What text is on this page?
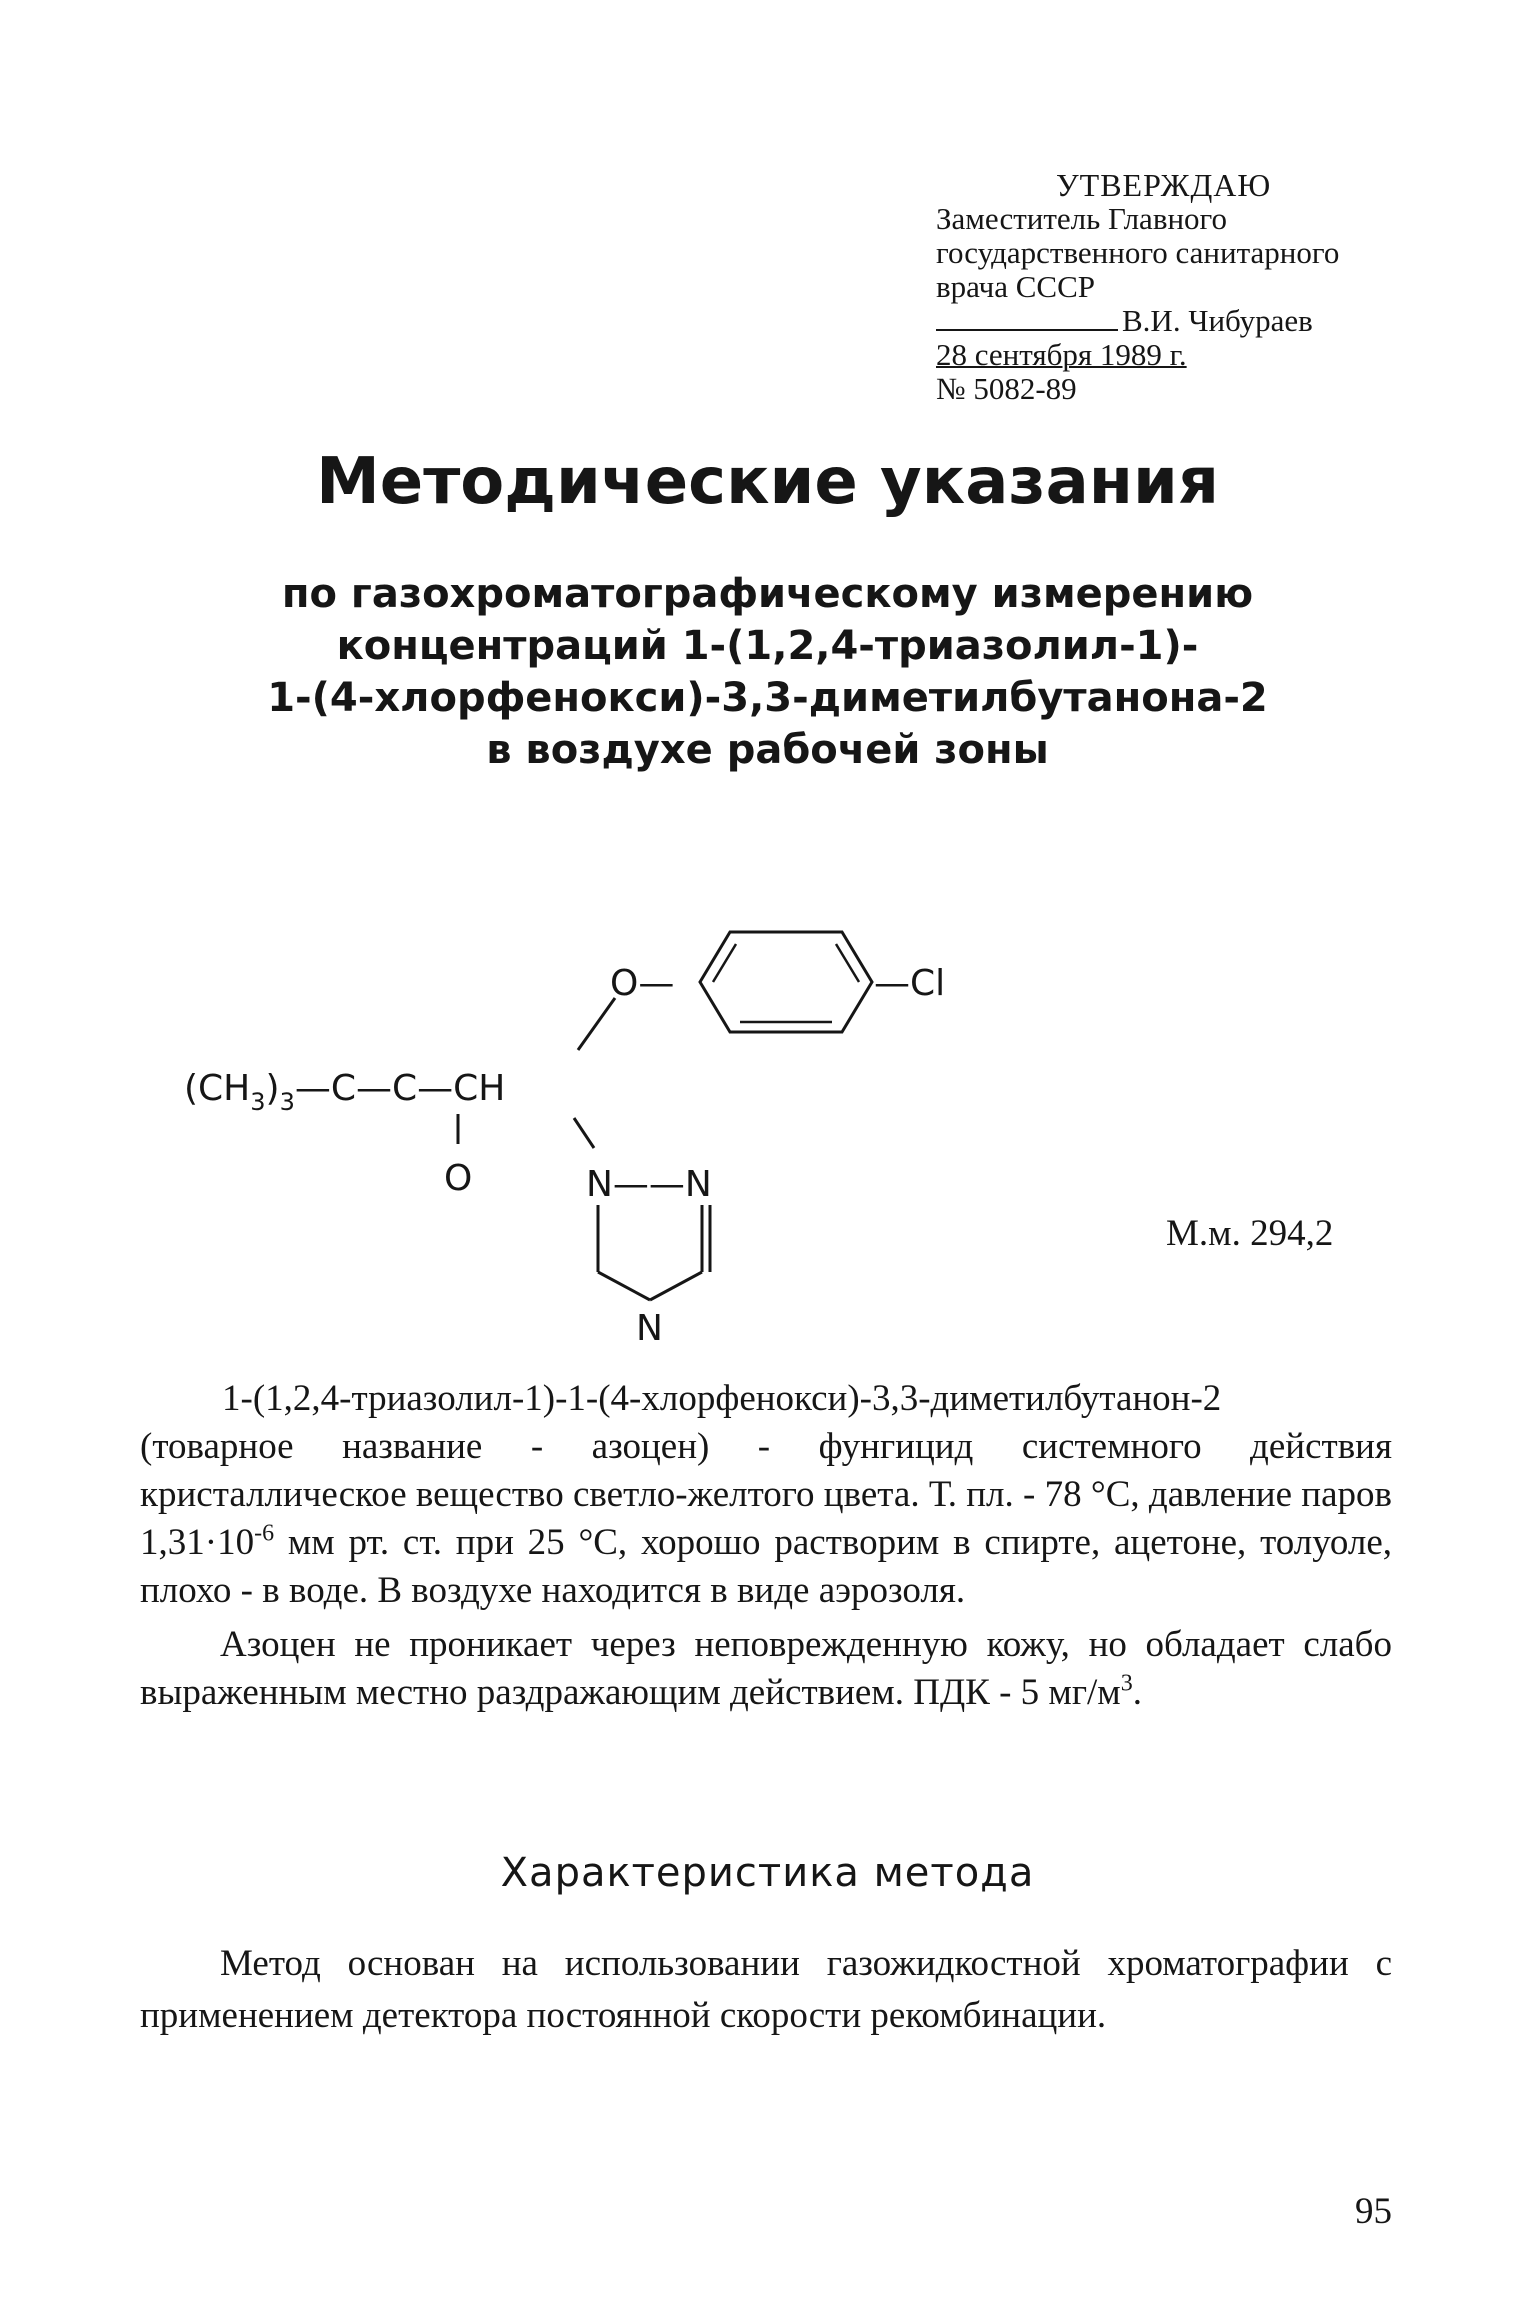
УТВЕРЖДАЮ
Заместитель Главного
государственного санитарного
врача СССР
В.И. Чибураев
28 сентября 1989 г.
№ 5082-89
Методические указания
по газохроматографическому измерению
концентраций 1-(1,2,4-триазолил-1)-
1-(4-хлорфенокси)-3,3-диметилбутанона-2
в воздухе рабочей зоны
$(CH_3)_3—C—C—CH$
O
O—	—Cl
N——N
N
М.м. 294,2

1-(1,2,4-триазолил-1)-1-(4-хлорфенокси)-3,3-диметилбутанон-2

(товарное название - азоцен) - фунгицид системного действия кристаллическое вещество светло-желтого цвета. Т. пл. - 78 °С, давление паров $1,31\cdot 10^{-6}$ мм рт. ст. при 25 °С, хорошо растворим в спирте, ацетоне, толуоле, плохо - в воде. В воздухе находится в виде аэрозоля.

Азоцен не проникает через неповрежденную кожу, но обладает слабо выраженным местно раздражающим действием. ПДК - 5 $мг/м^3$.

Характеристика метода
Метод основан на использовании газожидкостной хроматографии с применением детектора постоянной скорости рекомбинации.
95
